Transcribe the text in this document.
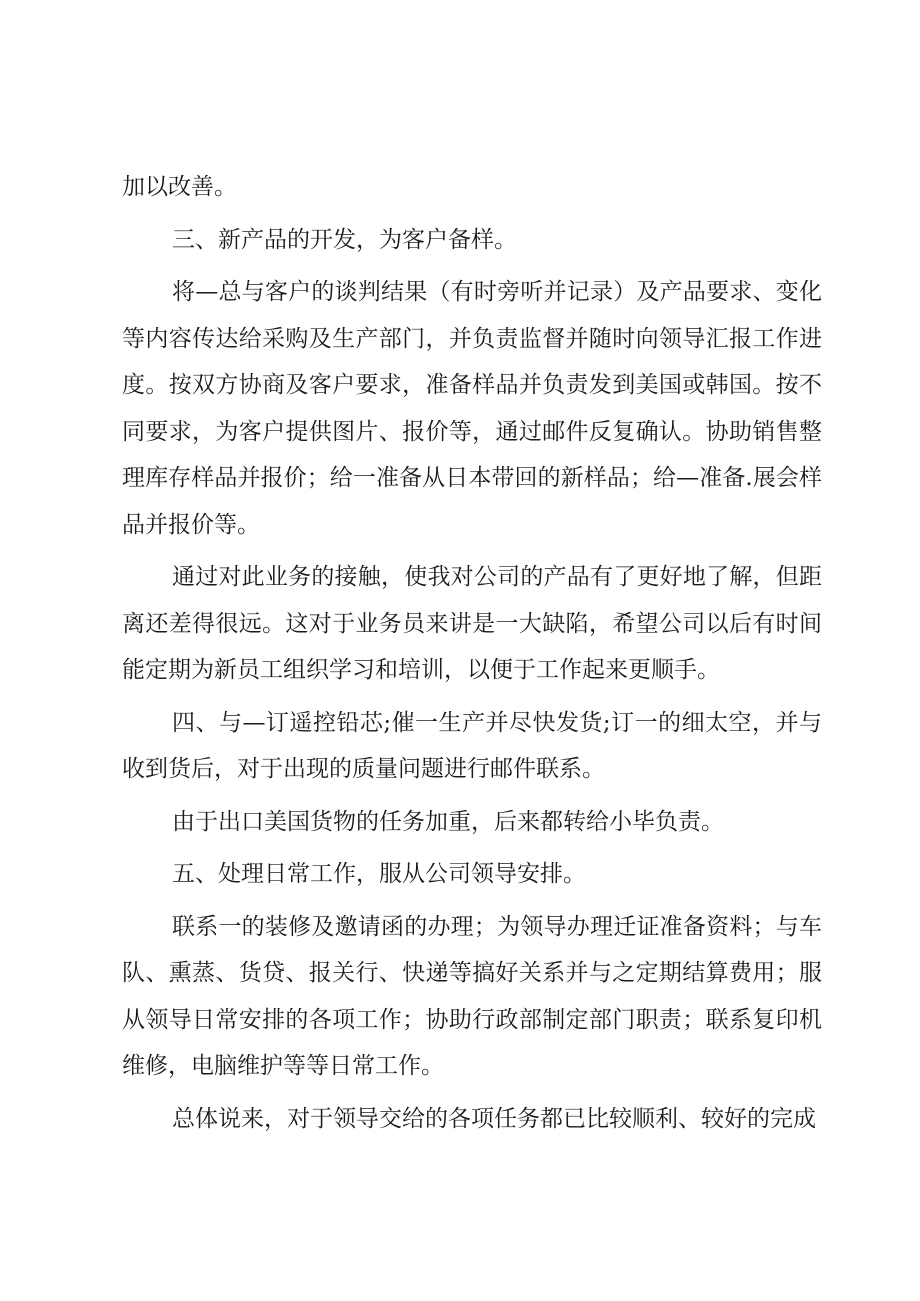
加以改善。

三、新产品的开发，为客户备样。

将—总与客户的谈判结果（有时旁听并记录）及产品要求、变化等内容传达给采购及生产部门，并负责监督并随时向领导汇报工作进度。按双方协商及客户要求，准备样品并负责发到美国或韩国。按不同要求，为客户提供图片、报价等，通过邮件反复确认。协助销售整理库存样品并报价；给一准备从日本带回的新样品；给—准备.展会样品并报价等。

通过对此业务的接触，使我对公司的产品有了更好地了解，但距离还差得很远。这对于业务员来讲是一大缺陷，希望公司以后有时间能定期为新员工组织学习和培训，以便于工作起来更顺手。

四、与—订遥控铅芯;催一生产并尽快发货;订一的细太空，并与收到货后，对于出现的质量问题进行邮件联系。

由于出口美国货物的任务加重，后来都转给小毕负责。

五、处理日常工作，服从公司领导安排。

联系一的装修及邀请函的办理；为领导办理迁证准备资料；与车队、熏蒸、货贷、报关行、快递等搞好关系并与之定期结算费用；服从领导日常安排的各项工作；协助行政部制定部门职责；联系复印机维修，电脑维护等等日常工作。

总体说来，对于领导交给的各项任务都已比较顺利、较好的完成
